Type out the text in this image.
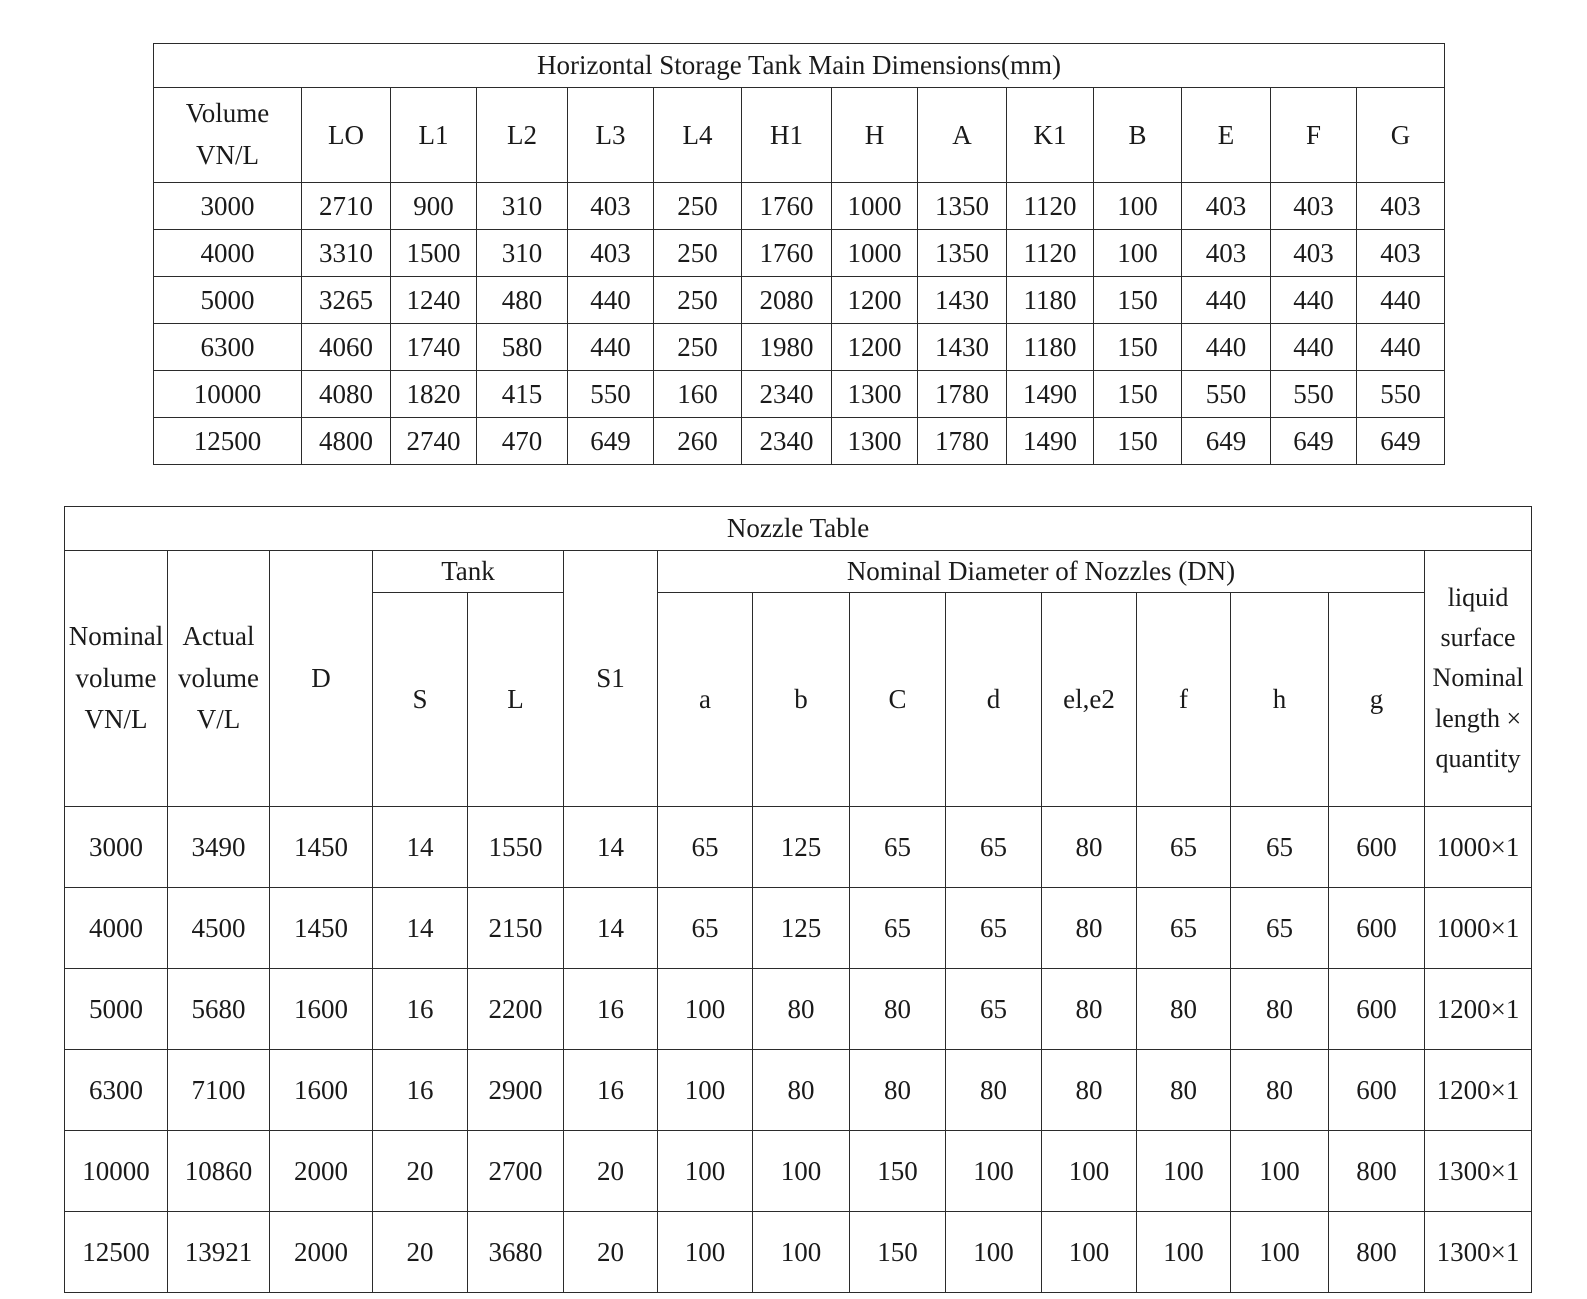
Horizontal Storage Tank Main Dimensions(mm)													
Volume
VN/L	LO	L1	L2	L3	L4	H1	H	A	K1	B	E	F	G
3000	2710	900	310	403	250	1760	1000	1350	1120	100	403	403	403
4000	3310	1500	310	403	250	1760	1000	1350	1120	100	403	403	403
5000	3265	1240	480	440	250	2080	1200	1430	1180	150	440	440	440
6300	4060	1740	580	440	250	1980	1200	1430	1180	150	440	440	440
10000	4080	1820	415	550	160	2340	1300	1780	1490	150	550	550	550
12500	4800	2740	470	649	260	2340	1300	1780	1490	150	649	649	649
Nozzle Table														
Nominal
volume
VN/L	Actual
volume
V/L	D	Tank		S1	Nominal Diameter of Nozzles (DN)								liquid
surface
Nominal
length ×
quantity
			S	L		a	b	C	d	el,e2	f	h	g	
3000	3490	1450	14	1550	14	65	125	65	65	80	65	65	600	1000×1
4000	4500	1450	14	2150	14	65	125	65	65	80	65	65	600	1000×1
5000	5680	1600	16	2200	16	100	80	80	65	80	80	80	600	1200×1
6300	7100	1600	16	2900	16	100	80	80	80	80	80	80	600	1200×1
10000	10860	2000	20	2700	20	100	100	150	100	100	100	100	800	1300×1
12500	13921	2000	20	3680	20	100	100	150	100	100	100	100	800	1300×1
